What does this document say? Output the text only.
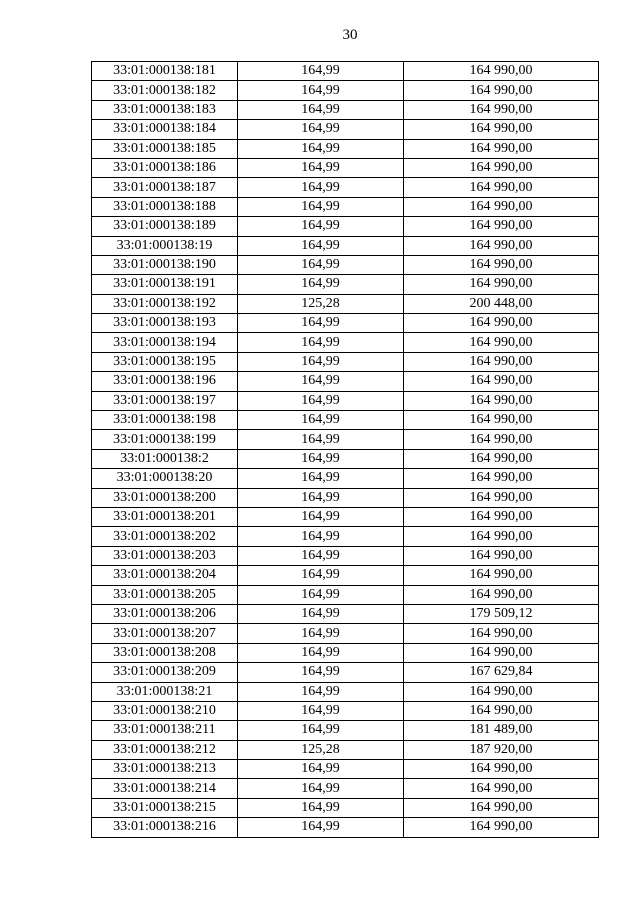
30
33:01:000138:181	164,99	164 990,00
33:01:000138:182	164,99	164 990,00
33:01:000138:183	164,99	164 990,00
33:01:000138:184	164,99	164 990,00
33:01:000138:185	164,99	164 990,00
33:01:000138:186	164,99	164 990,00
33:01:000138:187	164,99	164 990,00
33:01:000138:188	164,99	164 990,00
33:01:000138:189	164,99	164 990,00
33:01:000138:19	164,99	164 990,00
33:01:000138:190	164,99	164 990,00
33:01:000138:191	164,99	164 990,00
33:01:000138:192	125,28	200 448,00
33:01:000138:193	164,99	164 990,00
33:01:000138:194	164,99	164 990,00
33:01:000138:195	164,99	164 990,00
33:01:000138:196	164,99	164 990,00
33:01:000138:197	164,99	164 990,00
33:01:000138:198	164,99	164 990,00
33:01:000138:199	164,99	164 990,00
33:01:000138:2	164,99	164 990,00
33:01:000138:20	164,99	164 990,00
33:01:000138:200	164,99	164 990,00
33:01:000138:201	164,99	164 990,00
33:01:000138:202	164,99	164 990,00
33:01:000138:203	164,99	164 990,00
33:01:000138:204	164,99	164 990,00
33:01:000138:205	164,99	164 990,00
33:01:000138:206	164,99	179 509,12
33:01:000138:207	164,99	164 990,00
33:01:000138:208	164,99	164 990,00
33:01:000138:209	164,99	167 629,84
33:01:000138:21	164,99	164 990,00
33:01:000138:210	164,99	164 990,00
33:01:000138:211	164,99	181 489,00
33:01:000138:212	125,28	187 920,00
33:01:000138:213	164,99	164 990,00
33:01:000138:214	164,99	164 990,00
33:01:000138:215	164,99	164 990,00
33:01:000138:216	164,99	164 990,00
